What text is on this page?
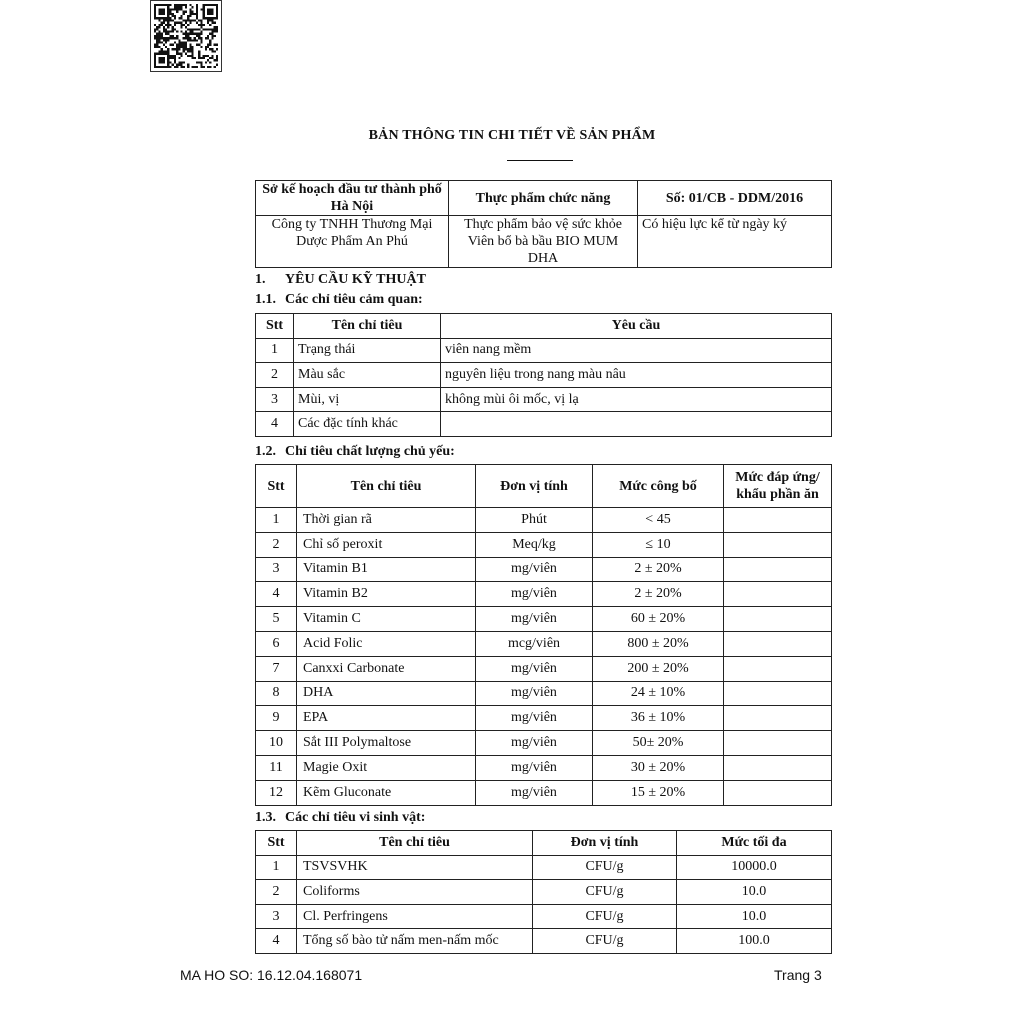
BẢN THÔNG TIN CHI TIẾT VỀ SẢN PHẨM
Sở kế hoạch đầu tư thành phố Hà Nội	Thực phẩm chức năng	Số: 01/CB - DDM/2016
Công ty TNHH Thương Mại Dược Phẩm An Phú	Thực phẩm bảo vệ sức khỏe Viên bổ bà bầu BIO MUM DHA	Có hiệu lực kể từ ngày ký
1. YÊU CẦU KỸ THUẬT
1.1. Các chỉ tiêu cảm quan:
Stt	Tên chỉ tiêu	Yêu cầu
1	Trạng thái	viên nang mềm
2	Màu sắc	nguyên liệu trong nang màu nâu
3	Mùi, vị	không mùi ôi mốc, vị lạ
4	Các đặc tính khác	
1.2. Chỉ tiêu chất lượng chủ yếu:
Stt	Tên chỉ tiêu	Đơn vị tính	Mức công bố	Mức đáp ứng/ khẩu phần ăn
1	Thời gian rã	Phút	< 45	
2	Chỉ số peroxit	Meq/kg	≤ 10	
3	Vitamin B1	mg/viên	2 ± 20%	
4	Vitamin B2	mg/viên	2 ± 20%	
5	Vitamin C	mg/viên	60 ± 20%	
6	Acid Folic	mcg/viên	800 ± 20%	
7	Canxxi Carbonate	mg/viên	200 ± 20%	
8	DHA	mg/viên	24 ± 10%	
9	EPA	mg/viên	36 ± 10%	
10	Sắt III Polymaltose	mg/viên	50± 20%	
11	Magie Oxit	mg/viên	30 ± 20%	
12	Kẽm Gluconate	mg/viên	15 ± 20%	
1.3. Các chỉ tiêu vi sinh vật:
Stt	Tên chỉ tiêu	Đơn vị tính	Mức tối đa
1	TSVSVHK	CFU/g	10000.0
2	Coliforms	CFU/g	10.0
3	Cl. Perfringens	CFU/g	10.0
4	Tổng số bào tử nấm men-nấm mốc	CFU/g	100.0
MA HO SO: 16.12.04.168071	Trang 3
